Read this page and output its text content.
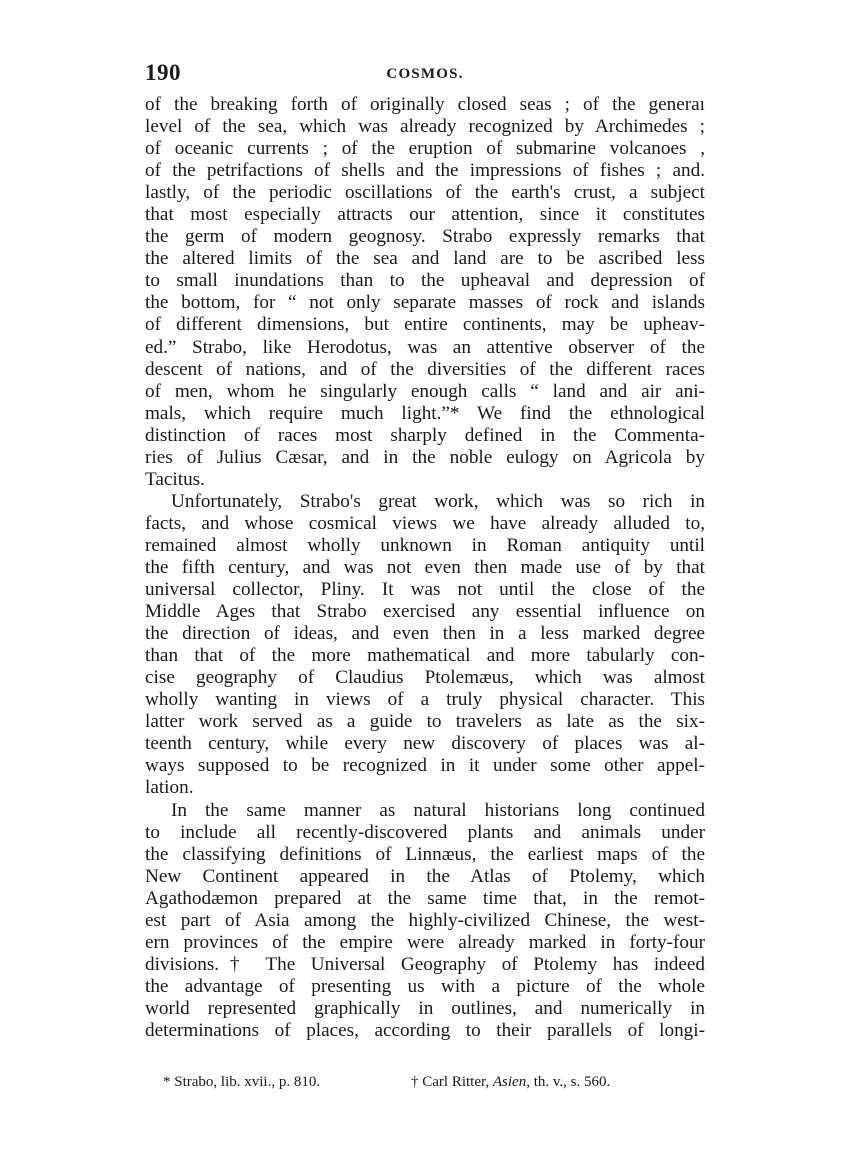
190	COSMOS.
of the breaking forth of originally closed seas ; of the generaı
level of the sea, which was already recognized by Archimedes ;
of oceanic currents ; of the eruption of submarine volcanoes ,
of the petrifactions of shells and the impressions of fishes ; and.
lastly, of the periodic oscillations of the earth's crust, a subject
that most especially attracts our attention, since it constitutes
the germ of modern geognosy. Strabo expressly remarks that
the altered limits of the sea and land are to be ascribed less
to small inundations than to the upheaval and depression of
the bottom, for “ not only separate masses of rock and islands
of different dimensions, but entire continents, may be upheav-
ed.” Strabo, like Herodotus, was an attentive observer of the
descent of nations, and of the diversities of the different races
of men, whom he singularly enough calls “ land and air ani-
mals, which require much light.”* We find the ethnological
distinction of races most sharply defined in the Commenta-
ries of Julius Cæsar, and in the noble eulogy on Agricola by
Tacitus.
Unfortunately, Strabo's great work, which was so rich in
facts, and whose cosmical views we have already alluded to,
remained almost wholly unknown in Roman antiquity until
the fifth century, and was not even then made use of by that
universal collector, Pliny. It was not until the close of the
Middle Ages that Strabo exercised any essential influence on
the direction of ideas, and even then in a less marked degree
than that of the more mathematical and more tabularly con-
cise geography of Claudius Ptolemæus, which was almost
wholly wanting in views of a truly physical character. This
latter work served as a guide to travelers as late as the six-
teenth century, while every new discovery of places was al-
ways supposed to be recognized in it under some other appel-
lation.
In the same manner as natural historians long continued
to include all recently-discovered plants and animals under
the classifying definitions of Linnæus, the earliest maps of the
New Continent appeared in the Atlas of Ptolemy, which
Agathodæmon prepared at the same time that, in the remot-
est part of Asia among the highly-civilized Chinese, the west-
ern provinces of the empire were already marked in forty-four
divisions.† The Universal Geography of Ptolemy has indeed
the advantage of presenting us with a picture of the whole
world represented graphically in outlines, and numerically in
determinations of places, according to their parallels of longi-
* Strabo, lib. xvii., p. 810.	† Carl Ritter, Asien, th. v., s. 560.
